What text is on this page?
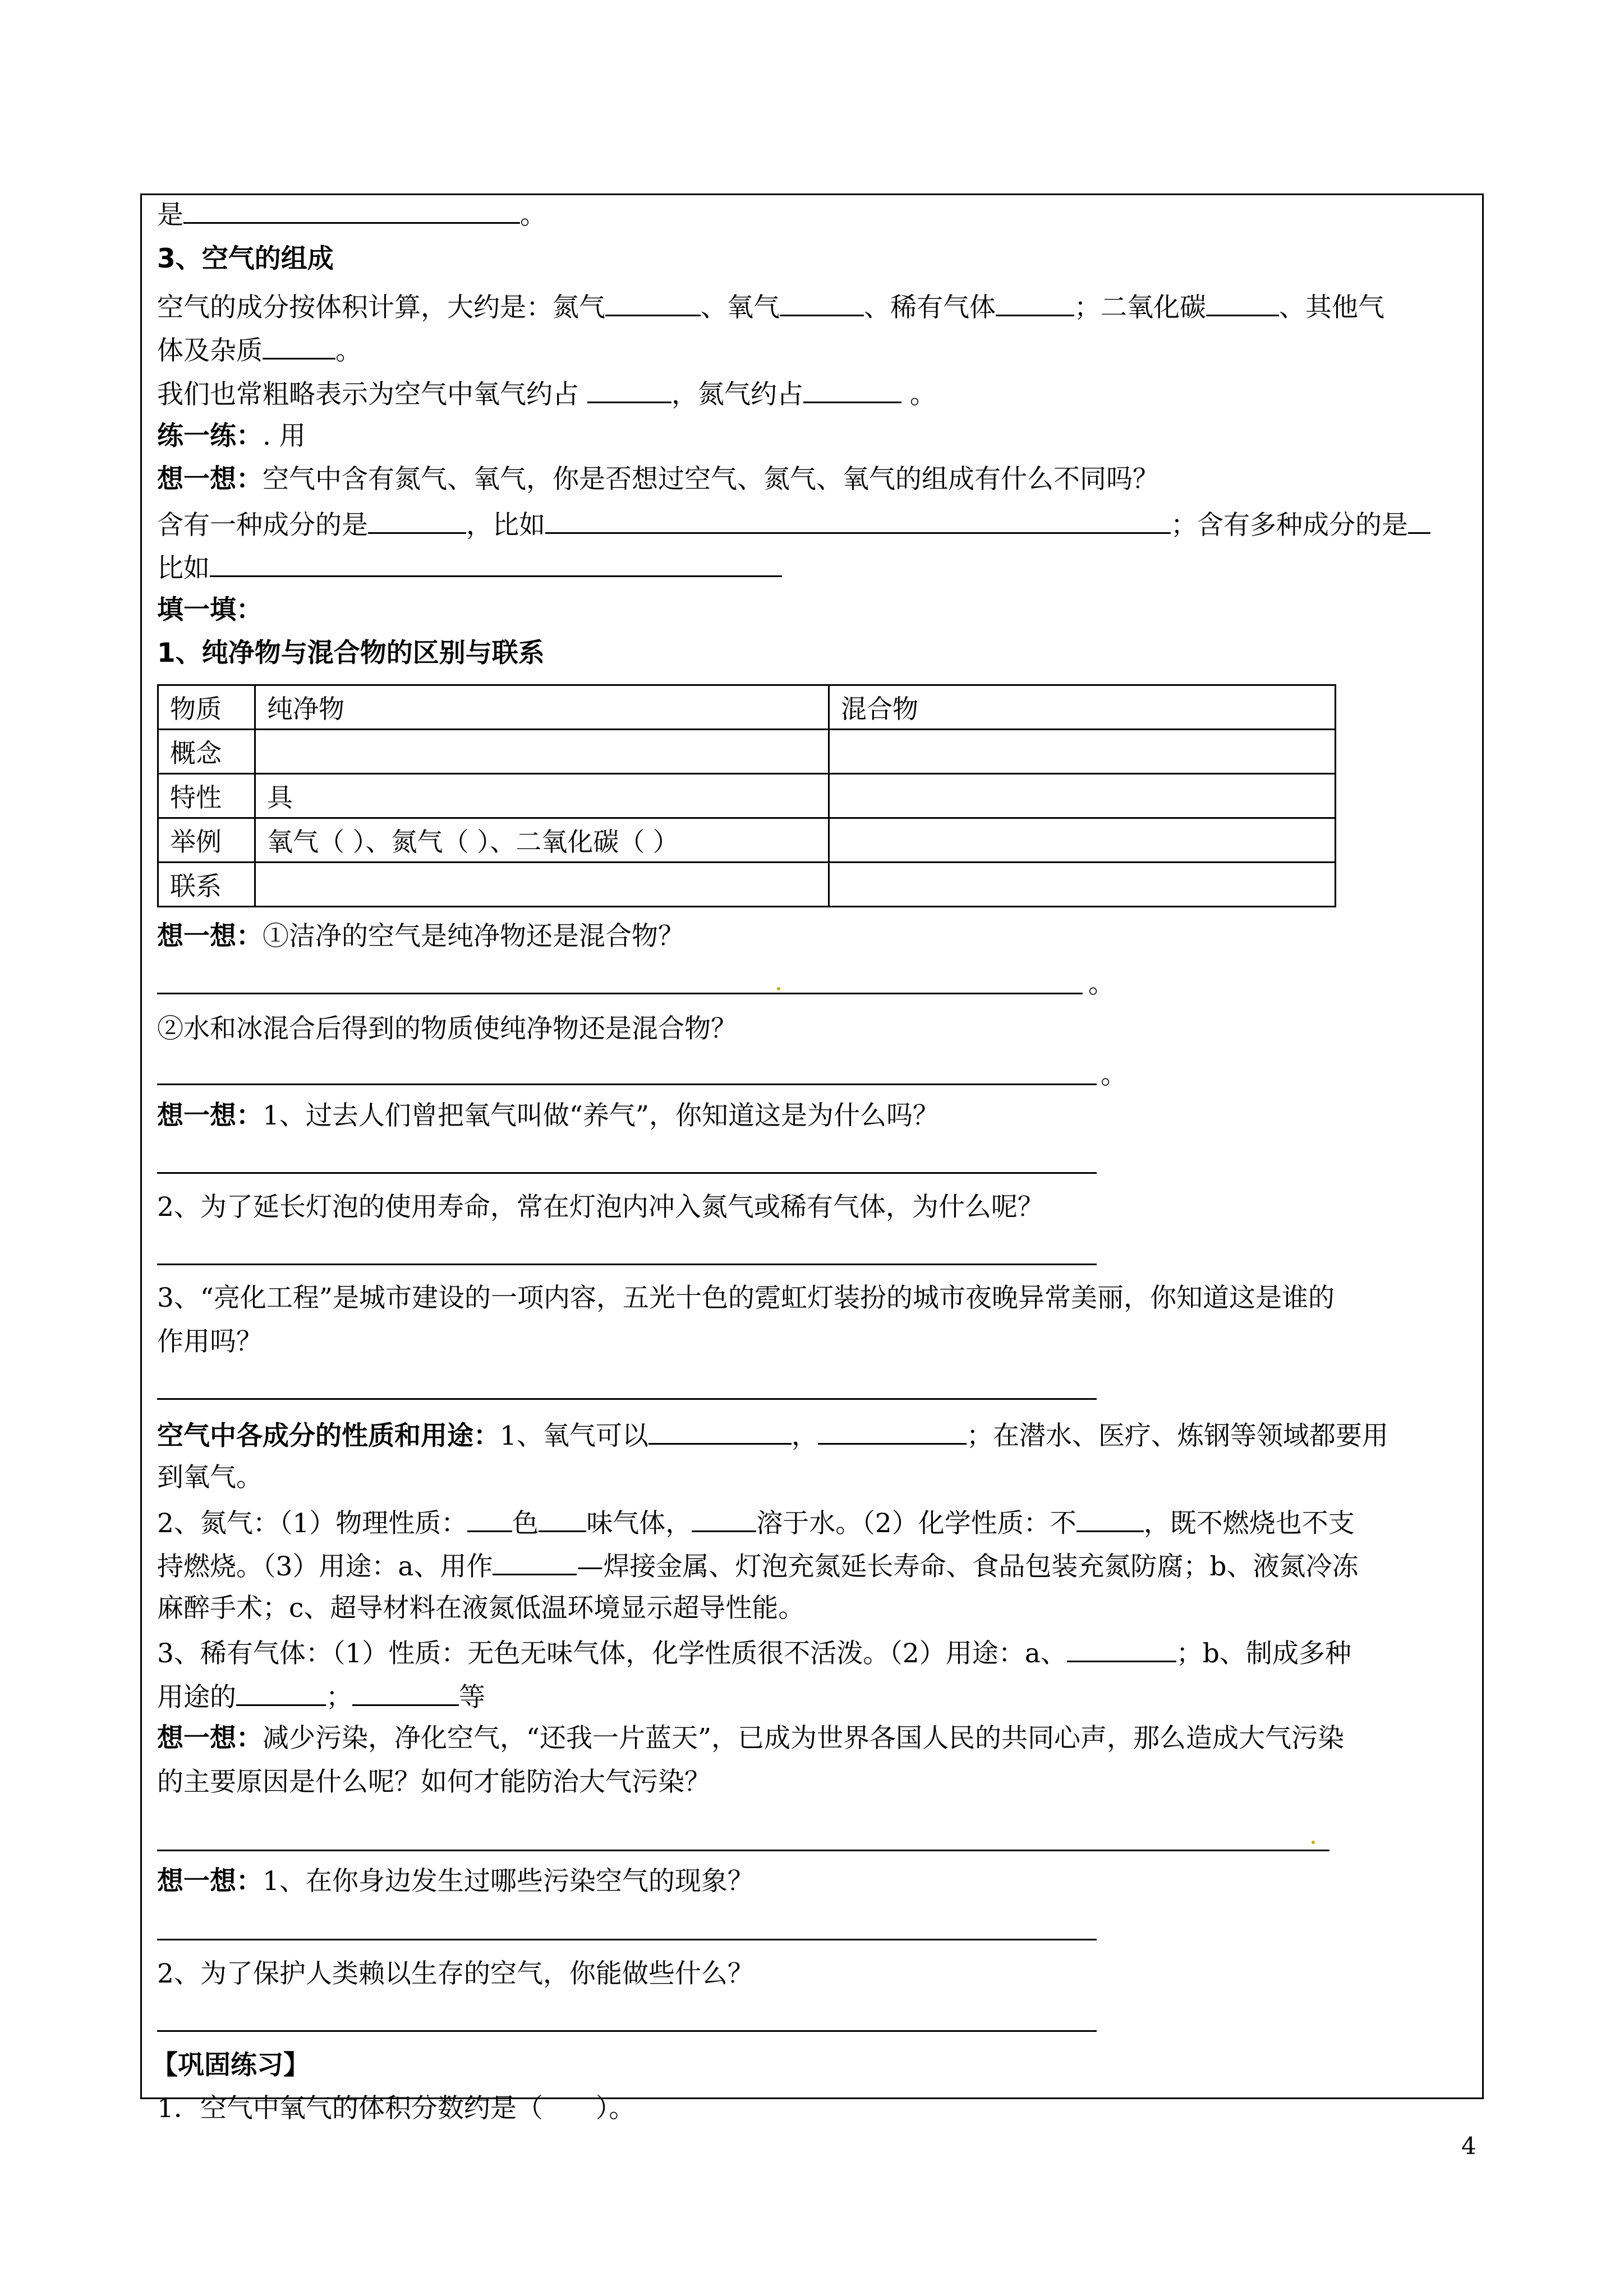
是	。
3、空气的组成
空气的成分按体积计算，大约是：氮气	、氧气	、稀有气体	；二氧化碳	、其他气
体及杂质	。
我们也常粗略表示为空气中氧气约占	，氮气约占	。
练一练：. 用
想一想：空气中含有氮气、氧气，你是否想过空气、氮气、氧气的组成有什么不同吗？
含有一种成分的是	，比如	；含有多种成分的是
比如
填一填：
1、纯净物与混合物的区别与联系
物质	纯净物	混合物
概念		
特性	具	
举例	氧气（ ）、氮气（ ）、二氧化碳（ ）	
联系		
想一想：①洁净的空气是纯净物还是混合物？
。
②水和冰混合后得到的物质使纯净物还是混合物？
。
想一想：1、过去人们曾把氧气叫做“养气”，你知道这是为什么吗？
2、为了延长灯泡的使用寿命，常在灯泡内冲入氮气或稀有气体，为什么呢？
3、“亮化工程”是城市建设的一项内容，五光十色的霓虹灯装扮的城市夜晚异常美丽，你知道这是谁的
作用吗？
空气中各成分的性质和用途：1、氧气可以	，	；在潜水、医疗、炼钢等领域都要用
到氧气。
2、氮气：（1）物理性质： 色 味气体， 溶于水。（2）化学性质：不	，既不燃烧也不支
持燃烧。（3）用途：a、用作	—焊接金属、灯泡充氮延长寿命、食品包装充氮防腐；b、液氮冷冻
麻醉手术；c、超导材料在液氮低温环境显示超导性能。
3、稀有气体：（1）性质：无色无味气体，化学性质很不活泼。（2）用途：a、	；b、制成多种
用途的	；	等
想一想：减少污染，净化空气，“还我一片蓝天”，已成为世界各国人民的共同心声，那么造成大气污染
的主要原因是什么呢？如何才能防治大气污染？
想一想：1、在你身边发生过哪些污染空气的现象？
2、为了保护人类赖以生存的空气，你能做些什么？
【巩固练习】
1．空气中氧气的体积分数约是（　　）。
4
